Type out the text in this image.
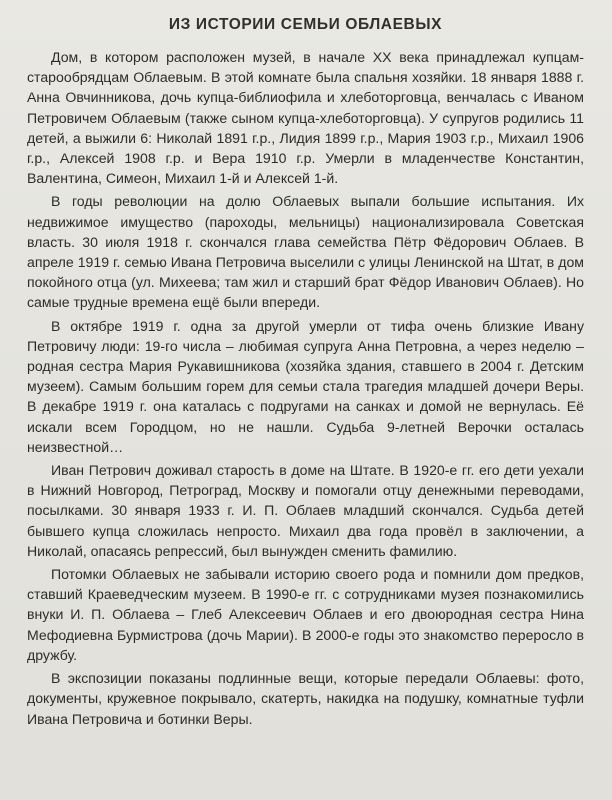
ИЗ ИСТОРИИ СЕМЬИ ОБЛАЕВЫХ

Дом, в котором расположен музей, в начале XX века принадлежал купцам-старообрядцам Облаевым. В этой комнате была спальня хозяйки. 18 января 1888 г. Анна Овчинникова, дочь купца-библиофила и хлеботорговца, венчалась с Иваном Петровичем Облаевым (также сыном купца-хлеботорговца). У супругов родились 11 детей, а выжили 6: Николай 1891 г.р., Лидия 1899 г.р., Мария 1903 г.р., Михаил 1906 г.р., Алексей 1908 г.р. и Вера 1910 г.р. Умерли в младенчестве Константин, Валентина, Симеон, Михаил 1-й и Алексей 1-й.

В годы революции на долю Облаевых выпали большие испытания. Их недвижимое имущество (пароходы, мельницы) национализировала Советская власть. 30 июля 1918 г. скончался глава семейства Пётр Фёдорович Облаев. В апреле 1919 г. семью Ивана Петровича выселили с улицы Ленинской на Штат, в дом покойного отца (ул. Михеева; там жил и старший брат Фёдор Иванович Облаев). Но самые трудные времена ещё были впереди.

В октябре 1919 г. одна за другой умерли от тифа очень близкие Ивану Петровичу люди: 19-го числа – любимая супруга Анна Петровна, а через неделю – родная сестра Мария Рукавишникова (хозяйка здания, ставшего в 2004 г. Детским музеем). Самым большим горем для семьи стала трагедия младшей дочери Веры. В декабре 1919 г. она каталась с подругами на санках и домой не вернулась. Её искали всем Городцом, но не нашли. Судьба 9-летней Верочки осталась неизвестной…

Иван Петрович доживал старость в доме на Штате. В 1920-е гг. его дети уехали в Нижний Новгород, Петроград, Москву и помогали отцу денежными переводами, посылками. 30 января 1933 г. И. П. Облаев младший скончался. Судьба детей бывшего купца сложилась непросто. Михаил два года провёл в заключении, а Николай, опасаясь репрессий, был вынужден сменить фамилию.

Потомки Облаевых не забывали историю своего рода и помнили дом предков, ставший Краеведческим музеем. В 1990-е гг. с сотрудниками музея познакомились внуки И. П. Облаева – Глеб Алексеевич Облаев и его двоюродная сестра Нина Мефодиевна Бурмистрова (дочь Марии). В 2000-е годы это знакомство переросло в дружбу.

В экспозиции показаны подлинные вещи, которые передали Облаевы: фото, документы, кружевное покрывало, скатерть, накидка на подушку, комнатные туфли Ивана Петровича и ботинки Веры.
